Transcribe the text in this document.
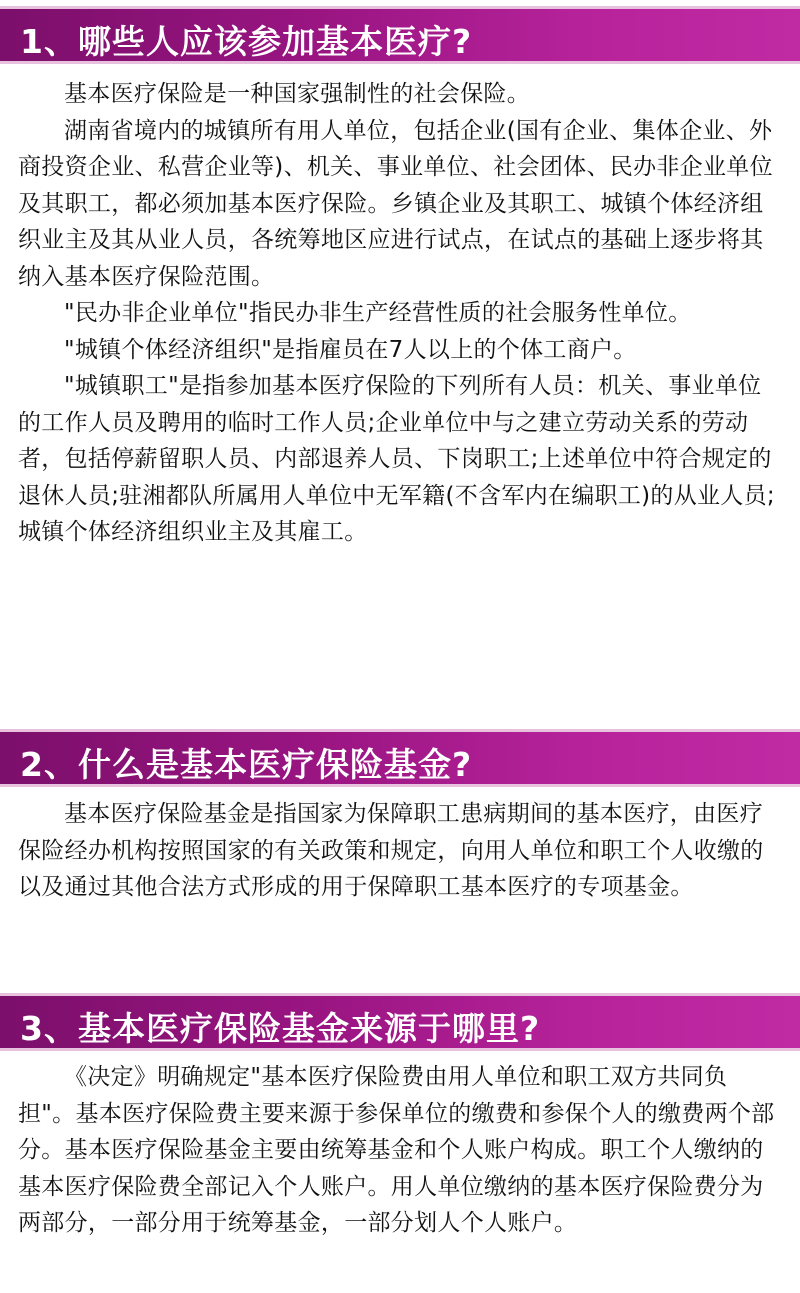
1、哪些人应该参加基本医疗?

基本医疗保险是一种国家强制性的社会保险。

湖南省境内的城镇所有用人单位，包括企业(国有企业、集体企业、外商投资企业、私营企业等)、机关、事业单位、社会团体、民办非企业单位及其职工，都必须加基本医疗保险。乡镇企业及其职工、城镇个体经济组织业主及其从业人员，各统筹地区应进行试点，在试点的基础上逐步将其纳入基本医疗保险范围。

"民办非企业单位"指民办非生产经营性质的社会服务性单位。

"城镇个体经济组织"是指雇员在7人以上的个体工商户。

"城镇职工"是指参加基本医疗保险的下列所有人员：机关、事业单位的工作人员及聘用的临时工作人员;企业单位中与之建立劳动关系的劳动者，包括停薪留职人员、内部退养人员、下岗职工;上述单位中符合规定的退休人员;驻湘都队所属用人单位中无军籍(不含军内在编职工)的从业人员;城镇个体经济组织业主及其雇工。

2、什么是基本医疗保险基金?

基本医疗保险基金是指国家为保障职工患病期间的基本医疗，由医疗保险经办机构按照国家的有关政策和规定，向用人单位和职工个人收缴的以及通过其他合法方式形成的用于保障职工基本医疗的专项基金。

3、基本医疗保险基金来源于哪里?

《决定》明确规定"基本医疗保险费由用人单位和职工双方共同负担"。基本医疗保险费主要来源于参保单位的缴费和参保个人的缴费两个部分。基本医疗保险基金主要由统筹基金和个人账户构成。职工个人缴纳的基本医疗保险费全部记入个人账户。用人单位缴纳的基本医疗保险费分为两部分，一部分用于统筹基金，一部分划人个人账户。
